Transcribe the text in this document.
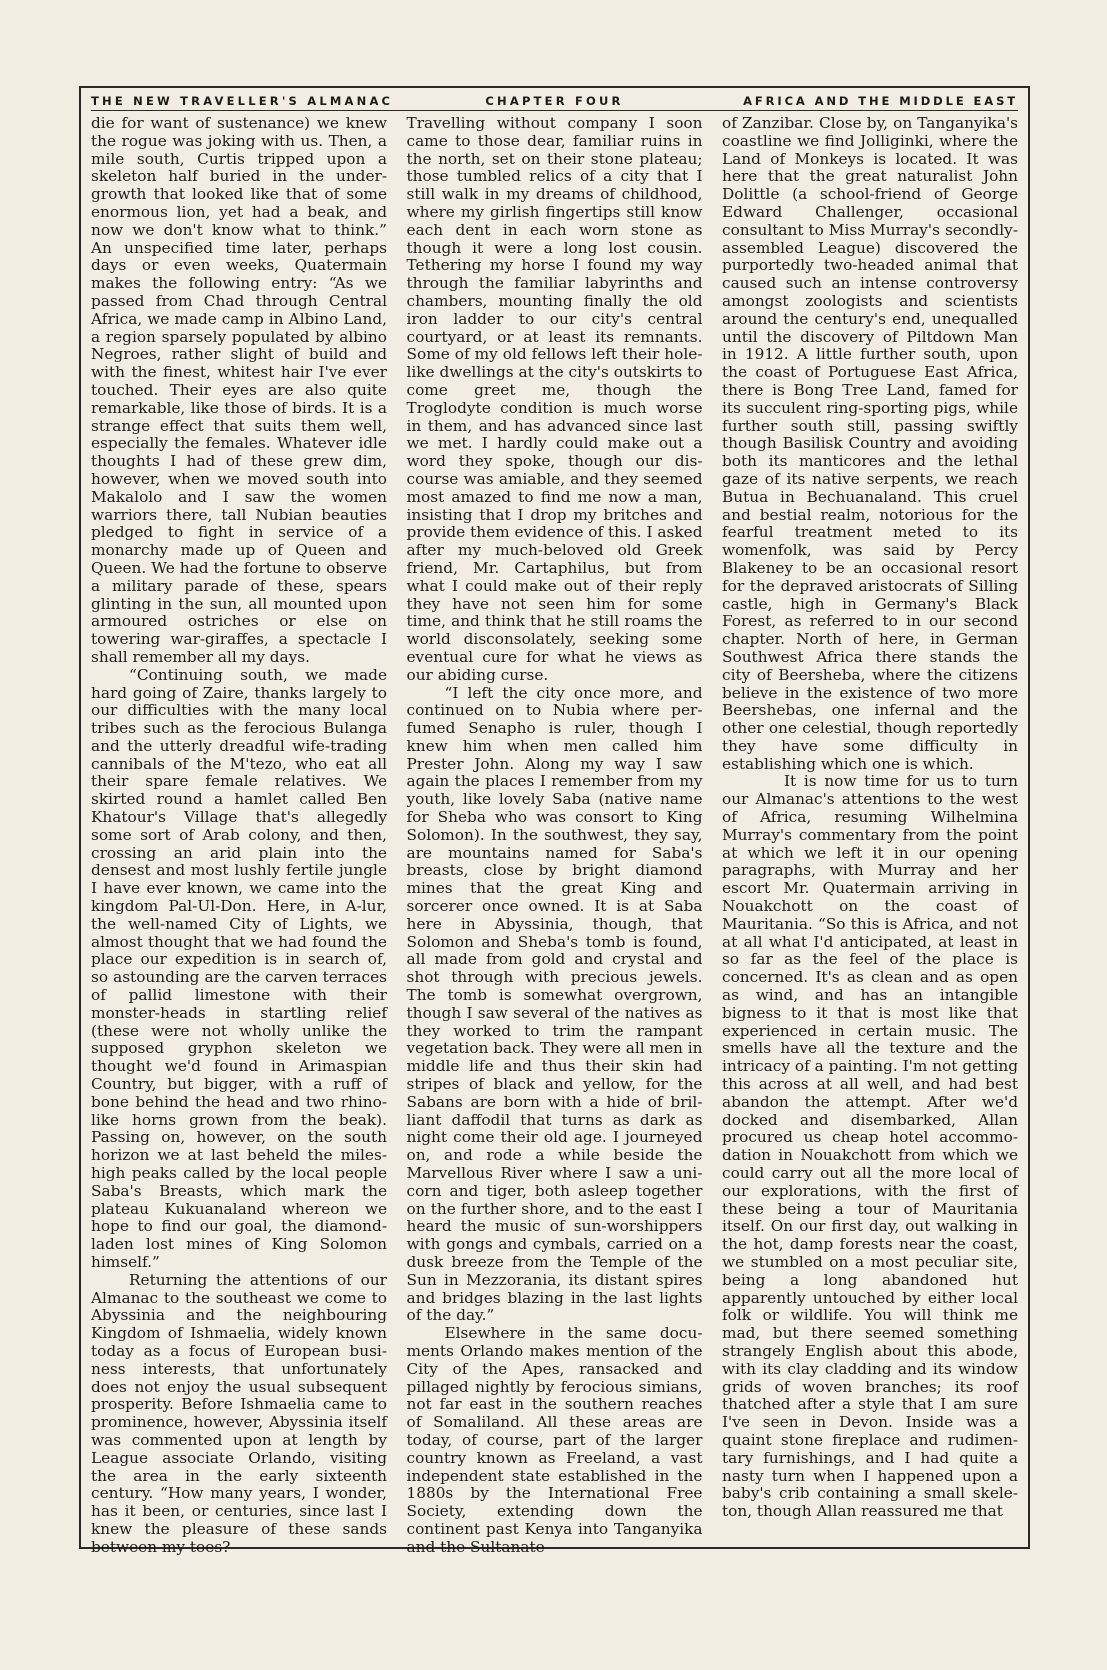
THE NEW TRAVELLER'S ALMANAC	CHAPTER FOUR	AFRICA AND THE MIDDLE EAST

die for want of sustenance) we knew the rogue was joking with us. Then, a mile south, Curtis tripped upon a skeleton half buried in the undergrowth that looked like that of some enormous lion, yet had a beak, and now we don't know what to think.” An unspecified time later, perhaps days or even weeks, Quatermain makes the following entry: “As we passed from Chad through Central Africa, we made camp in Albino Land, a region sparsely populated by albino Negroes, rather slight of build and with the finest, whitest hair I've ever touched. Their eyes are also quite remarkable, like those of birds. It is a strange effect that suits them well, especially the females. Whatever idle thoughts I had of these grew dim, however, when we moved south into Makalolo and I saw the women warriors there, tall Nubian beauties pledged to fight in service of a monarchy made up of Queen and Queen. We had the fortune to observe a military parade of these, spears glinting in the sun, all mounted upon armoured ostriches or else on towering war-giraffes, a spectacle I shall remember all my days.

“Continuing south, we made hard going of Zaire, thanks largely to our difficulties with the many local tribes such as the ferocious Bulanga and the utterly dreadful wife-trading cannibals of the M'tezo, who eat all their spare female relatives. We skirted round a hamlet called Ben Khatour's Village that's allegedly some sort of Arab colony, and then, crossing an arid plain into the densest and most lushly fertile jungle I have ever known, we came into the kingdom Pal-Ul-Don. Here, in A-lur, the well-named City of Lights, we almost thought that we had found the place our expedition is in search of, so astounding are the carven terraces of pallid limestone with their monster-heads in startling relief (these were not wholly unlike the supposed gryphon skeleton we thought we'd found in Arimaspian Country, but bigger, with a ruff of bone behind the head and two rhino-like horns grown from the beak). Passing on, however, on the south horizon we at last beheld the miles-high peaks called by the local people Saba's Breasts, which mark the plateau Kukuanaland whereon we hope to find our goal, the diamond-laden lost mines of King Solomon himself.”

Returning the attentions of our Almanac to the southeast we come to Abyssinia and the neighbouring Kingdom of Ishmaelia, widely known today as a focus of European business interests, that unfortunately does not enjoy the usual subsequent prosperity. Before Ishmaelia came to prominence, however, Abyssinia itself was commented upon at length by League associate Orlando, visiting the area in the early sixteenth century. “How many years, I wonder, has it been, or centuries, since last I knew the pleasure of these sands between my toes?

Travelling without company I soon came to those dear, familiar ruins in the north, set on their stone plateau; those tumbled relics of a city that I still walk in my dreams of childhood, where my girlish fingertips still know each dent in each worn stone as though it were a long lost cousin. Tethering my horse I found my way through the familiar labyrinths and chambers, mounting finally the old iron ladder to our city's central courtyard, or at least its remnants. Some of my old fellows left their hole-like dwellings at the city's outskirts to come greet me, though the Troglodyte condition is much worse in them, and has advanced since last we met. I hardly could make out a word they spoke, though our discourse was amiable, and they seemed most amazed to find me now a man, insisting that I drop my britches and provide them evidence of this. I asked after my much-beloved old Greek friend, Mr. Cartaphilus, but from what I could make out of their reply they have not seen him for some time, and think that he still roams the world disconsolately, seeking some eventual cure for what he views as our abiding curse.

“I left the city once more, and continued on to Nubia where perfumed Senapho is ruler, though I knew him when men called him Prester John. Along my way I saw again the places I remember from my youth, like lovely Saba (native name for Sheba who was consort to King Solomon). In the southwest, they say, are mountains named for Saba's breasts, close by bright diamond mines that the great King and sorcerer once owned. It is at Saba here in Abyssinia, though, that Solomon and Sheba's tomb is found, all made from gold and crystal and shot through with precious jewels. The tomb is somewhat overgrown, though I saw several of the natives as they worked to trim the rampant vegetation back. They were all men in middle life and thus their skin had stripes of black and yellow, for the Sabans are born with a hide of brilliant daffodil that turns as dark as night come their old age. I journeyed on, and rode a while beside the Marvellous River where I saw a unicorn and tiger, both asleep together on the further shore, and to the east I heard the music of sun-worshippers with gongs and cymbals, carried on a dusk breeze from the Temple of the Sun in Mezzorania, its distant spires and bridges blazing in the last lights of the day.”

Elsewhere in the same documents Orlando makes mention of the City of the Apes, ransacked and pillaged nightly by ferocious simians, not far east in the southern reaches of Somaliland. All these areas are today, of course, part of the larger country known as Freeland, a vast independent state established in the 1880s by the International Free Society, extending down the continent past Kenya into Tanganyika and the Sultanate

of Zanzibar. Close by, on Tanganyika's coastline we find Jolliginki, where the Land of Monkeys is located. It was here that the great naturalist John Dolittle (a school-friend of George Edward Challenger, occasional consultant to Miss Murray's secondly-assembled League) discovered the purportedly two-headed animal that caused such an intense controversy amongst zoologists and scientists around the century's end, unequalled until the discovery of Piltdown Man in 1912. A little further south, upon the coast of Portuguese East Africa, there is Bong Tree Land, famed for its succulent ring-sporting pigs, while further south still, passing swiftly though Basilisk Country and avoiding both its manticores and the lethal gaze of its native serpents, we reach Butua in Bechuanaland. This cruel and bestial realm, notorious for the fearful treatment meted to its womenfolk, was said by Percy Blakeney to be an occasional resort for the depraved aristocrats of Silling castle, high in Germany's Black Forest, as referred to in our second chapter. North of here, in German Southwest Africa there stands the city of Beersheba, where the citizens believe in the existence of two more Beershebas, one infernal and the other one celestial, though reportedly they have some difficulty in establishing which one is which.

It is now time for us to turn our Almanac's attentions to the west of Africa, resuming Wilhelmina Murray's commentary from the point at which we left it in our opening paragraphs, with Murray and her escort Mr. Quatermain arriving in Nouakchott on the coast of Mauritania. “So this is Africa, and not at all what I'd anticipated, at least in so far as the feel of the place is concerned. It's as clean and as open as wind, and has an intangible bigness to it that is most like that experienced in certain music. The smells have all the texture and the intricacy of a painting. I'm not getting this across at all well, and had best abandon the attempt. After we'd docked and disembarked, Allan procured us cheap hotel accommodation in Nouakchott from which we could carry out all the more local of our explorations, with the first of these being a tour of Mauritania itself. On our first day, out walking in the hot, damp forests near the coast, we stumbled on a most peculiar site, being a long abandoned hut apparently untouched by either local folk or wildlife. You will think me mad, but there seemed something strangely English about this abode, with its clay cladding and its window grids of woven branches; its roof thatched after a style that I am sure I've seen in Devon. Inside was a quaint stone fireplace and rudimentary furnishings, and I had quite a nasty turn when I happened upon a baby's crib containing a small skeleton, though Allan reassured me that
